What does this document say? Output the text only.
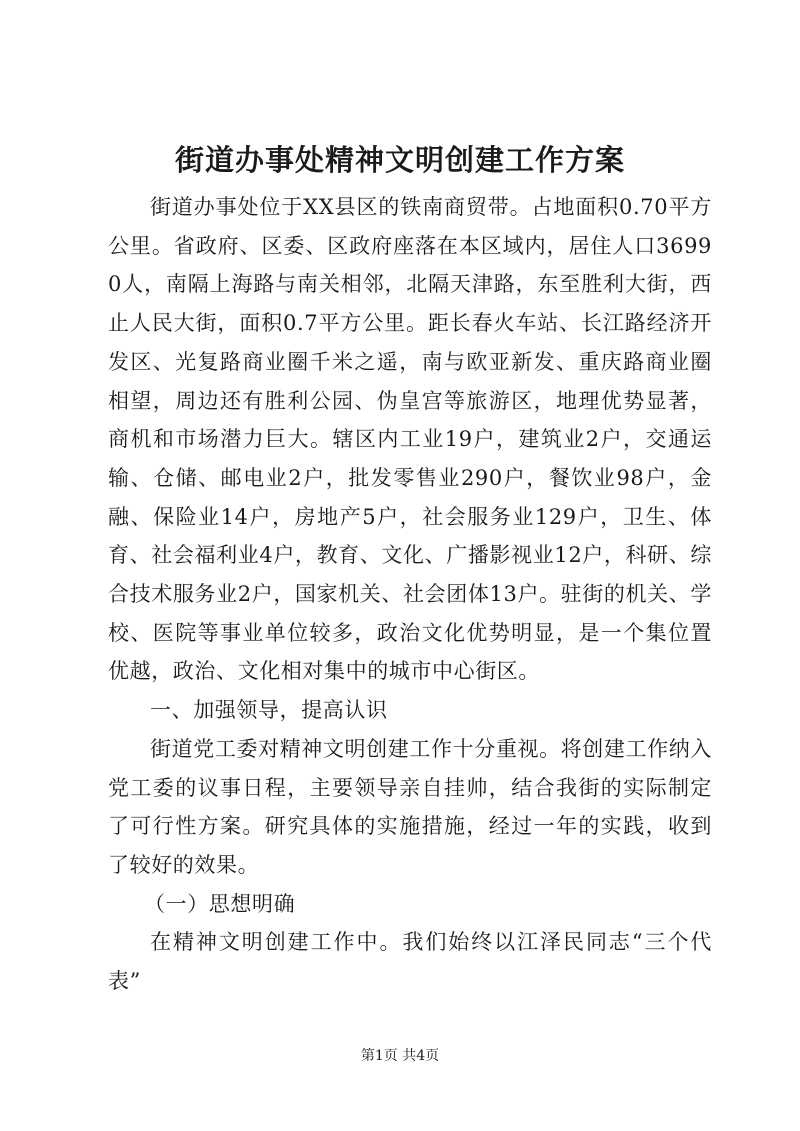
街道办事处精神文明创建工作方案

街道办事处位于XX县区的铁南商贸带。占地面积0.70平方公里。省政府、区委、区政府座落在本区域内，居住人口36990人，南隔上海路与南关相邻，北隔天津路，东至胜利大街，西止人民大街，面积0.7平方公里。距长春火车站、长江路经济开发区、光复路商业圈千米之遥，南与欧亚新发、重庆路商业圈相望，周边还有胜利公园、伪皇宫等旅游区，地理优势显著，商机和市场潜力巨大。辖区内工业19户，建筑业2户，交通运输、仓储、邮电业2户，批发零售业290户，餐饮业98户，金融、保险业14户，房地产5户，社会服务业129户，卫生、体育、社会福利业4户，教育、文化、广播影视业12户，科研、综合技术服务业2户，国家机关、社会团体13户。驻街的机关、学校、医院等事业单位较多，政治文化优势明显，是一个集位置优越，政治、文化相对集中的城市中心街区。

一、加强领导，提高认识

街道党工委对精神文明创建工作十分重视。将创建工作纳入党工委的议事日程，主要领导亲自挂帅，结合我街的实际制定了可行性方案。研究具体的实施措施，经过一年的实践，收到了较好的效果。

（一）思想明确

在精神文明创建工作中。我们始终以江泽民同志“三个代表”

第1页 共4页
